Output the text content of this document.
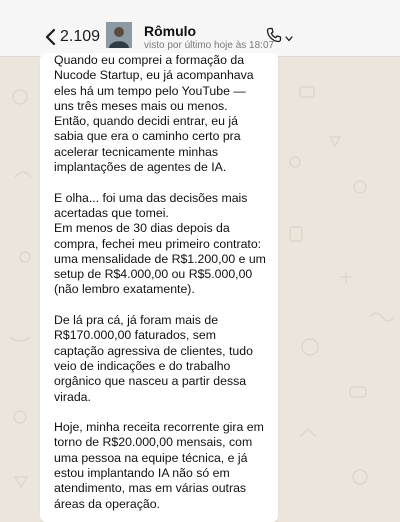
2.109	Rômulo
visto por último hoje às 18:07

Quando eu comprei a formação da
Nucode Startup, eu já acompanhava
eles há um tempo pelo YouTube —
uns três meses mais ou menos.
Então, quando decidi entrar, eu já
sabia que era o caminho certo pra
acelerar tecnicamente minhas
implantações de agentes de IA.

E olha... foi uma das decisões mais
acertadas que tomei.
Em menos de 30 dias depois da
compra, fechei meu primeiro contrato:
uma mensalidade de R$1.200,00 e um
setup de R$4.000,00 ou R$5.000,00
(não lembro exatamente).

De lá pra cá, já foram mais de
R$170.000,00 faturados, sem
captação agressiva de clientes, tudo
veio de indicações e do trabalho
orgânico que nasceu a partir dessa
virada.

Hoje, minha receita recorrente gira em
torno de R$20.000,00 mensais, com
uma pessoa na equipe técnica, e já
estou implantando IA não só em
atendimento, mas em várias outras
áreas da operação.
